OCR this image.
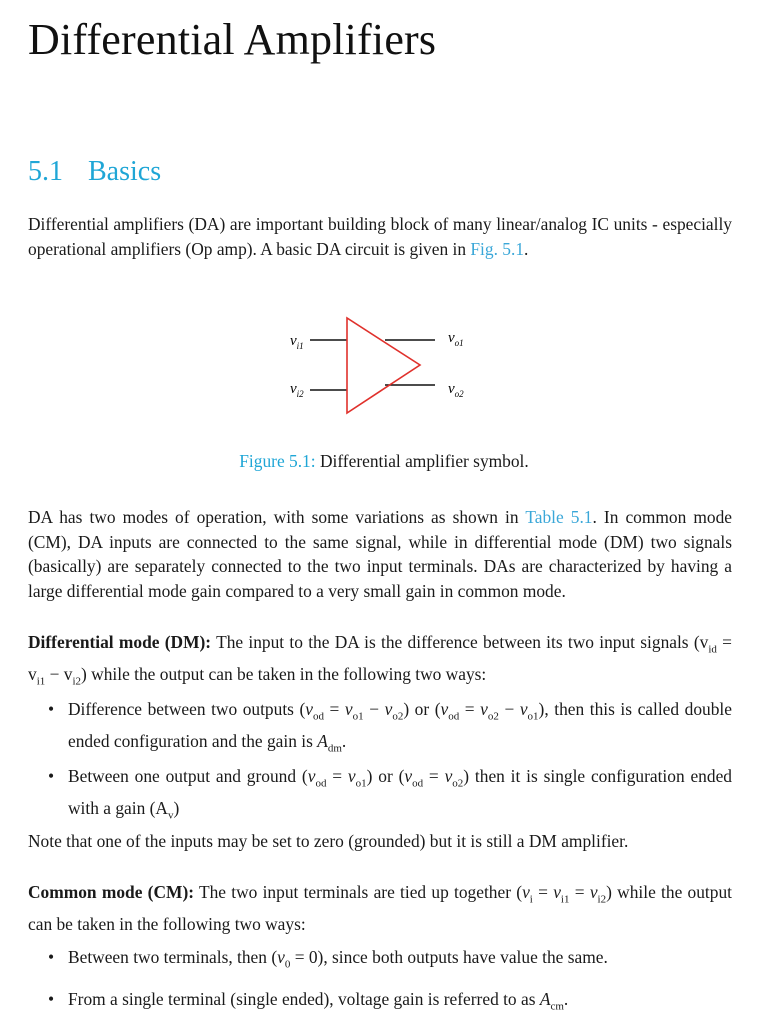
Differential Amplifiers
5.1 Basics

Differential amplifiers (DA) are important building block of many linear/analog IC units - especially operational amplifiers (Op amp). A basic DA circuit is given in Fig. 5.1.

$v_{i1}$
$v_{i2}$
$v_{o1}$
$v_{o2}$

Figure 5.1: Differential amplifier symbol.

DA has two modes of operation, with some variations as shown in Table 5.1. In common mode (CM), DA inputs are connected to the same signal, while in differential mode (DM) two signals (basically) are separately connected to the two input terminals. DAs are characterized by having a large differential mode gain compared to a very small gain in common mode.

Differential mode (DM): The input to the DA is the difference between its two input signals $(v_{id} = v_{i1} - v_{i2})$ while the output can be taken in the following two ways:

• Difference between two outputs $(v_{od} = v_{o1} - v_{o2})$ or $(v_{od} = v_{o2} - v_{o1})$, then this is called double ended configuration and the gain is $A_{dm}$.
• Between one output and ground $(v_{od} = v_{o1})$ or $(v_{od} = v_{o2})$ then it is single configuration ended with a gain $(A_v)$

Note that one of the inputs may be set to zero (grounded) but it is still a DM amplifier.

Common mode (CM): The two input terminals are tied up together $(v_i = v_{i1} = v_{i2})$ while the output can be taken in the following two ways:

• Between two terminals, then $(v_0 = 0)$, since both outputs have value the same.
• From a single terminal (single ended), voltage gain is referred to as $A_{cm}$.
